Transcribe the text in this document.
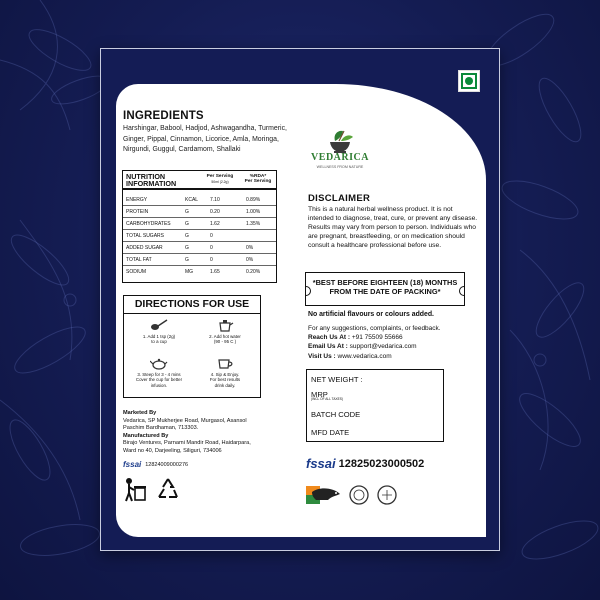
INGREDIENTS
Harshingar, Babool, Hadjod, Ashwagandha, Turmeric, Ginger, Pippal, Cinnamon, Licorice, Amla, Moringa, Nirgundi, Guggul, Cardamom, Shallaki
VEDARICA
WELLNESS FROM NATURE
NUTRITION
INFORMATION
Per Serving
50ml (2.2g)
%RDA*
Per Serving
ENERGY	KCAL 7.10	0.89%
PROTEIN	G	0.20	1.00%
CARBOHYDRATES	G	1.62	1.35%
TOTAL SUGARS	G	0
ADDED SUGAR	G	0	0%
TOTAL FAT	G	0	0%
SODIUM	MG	1.65	0.20%
DIRECTIONS FOR USE
1. Add 1 tsp (2g)
to a cup
2. Add hot water
(90 - 95 C )
3. Steep for 3 - 4 mins
Cover the cup for better
infusion.
4. Sip & Enjoy.
For best results
drink daily.
Marketed By
Vedarica, SP Mukherjee Road, Murgasol, Asansol
Paschim Bardhaman, 713303.
Manufactured By
Birajo Ventures, Parnami Mandir Road, Haidarpara,
Ward no 40, Darjeeling, Siliguri, 734006
fssai 12824009000276
DISCLAIMER
This is a natural herbal wellness product. It is not intended to diagnose, treat, cure, or prevent any disease. Results may vary from person to person. Individuals who are pregnant, breastfeeding, or on medication should consult a healthcare professional before use.
*BEST BEFORE EIGHTEEN (18) MONTHS
FROM THE DATE OF PACKING*
No artificial flavours or colours added.
For any suggestions, complaints, or feedback.
Reach Us At : +91 75509 55666
Email Us At : support@vedarica.com
Visit Us : www.vedarica.com
NET WEIGHT :
MRP
(INCL OF ALL TAXES)
BATCH CODE
MFD DATE
fssai 12825023000502
